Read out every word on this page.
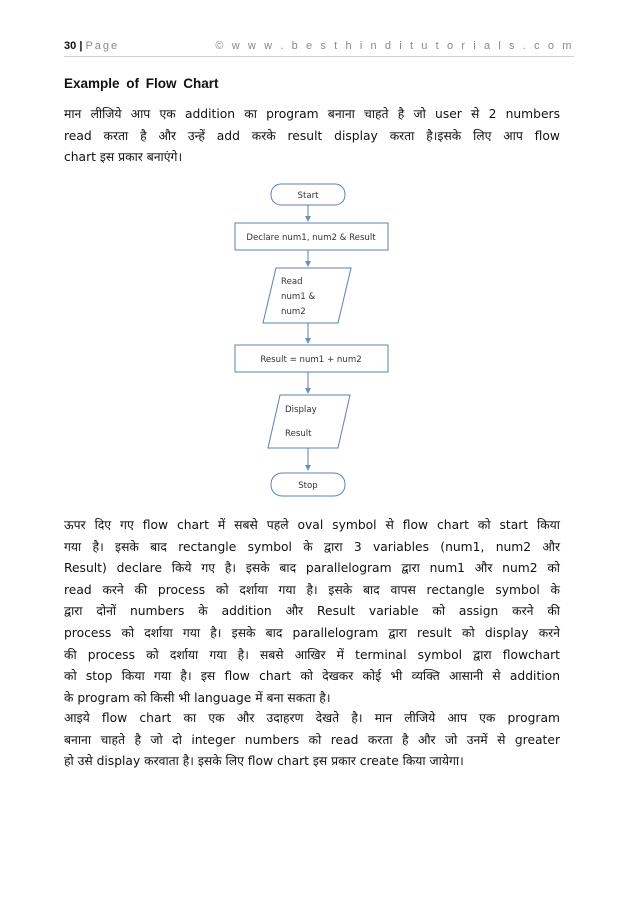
30 | Page	© w w w . b e s t h i n d i t u t o r i a l s . c o m
Example of Flow Chart
मान लीजिये आप एक addition का program बनाना चाहते है जो user से 2 numbers
read करता है और उन्हें add करके result display करता है।इसके लिए आप flow
chart इस प्रकार बनाएंगे।
Start
Declare num1, num2 & Result
Read
num1 &
num2
Result = num1 + num2
Display
Result
Stop
ऊपर दिए गए flow chart में सबसे पहले oval symbol से flow chart को start किया
गया है। इसके बाद rectangle symbol के द्वारा 3 variables (num1, num2 और
Result) declare किये गए है। इसके बाद parallelogram द्वारा num1 और num2 को
read करने की process को दर्शाया गया है। इसके बाद वापस rectangle symbol के
द्वारा दोनों numbers के addition और Result variable को assign करने की
process को दर्शाया गया है। इसके बाद parallelogram द्वारा result को display करने
की process को दर्शाया गया है। सबसे आखिर में terminal symbol द्वारा flowchart
को stop किया गया है। इस flow chart को देखकर कोई भी व्यक्ति आसानी से addition
के program को किसी भी language में बना सकता है।
आइये flow chart का एक और उदाहरण देखते है। मान लीजिये आप एक program
बनाना चाहते है जो दो integer numbers को read करता है और जो उनमें से greater
हो उसे display करवाता है। इसके लिए flow chart इस प्रकार create किया जायेगा।
